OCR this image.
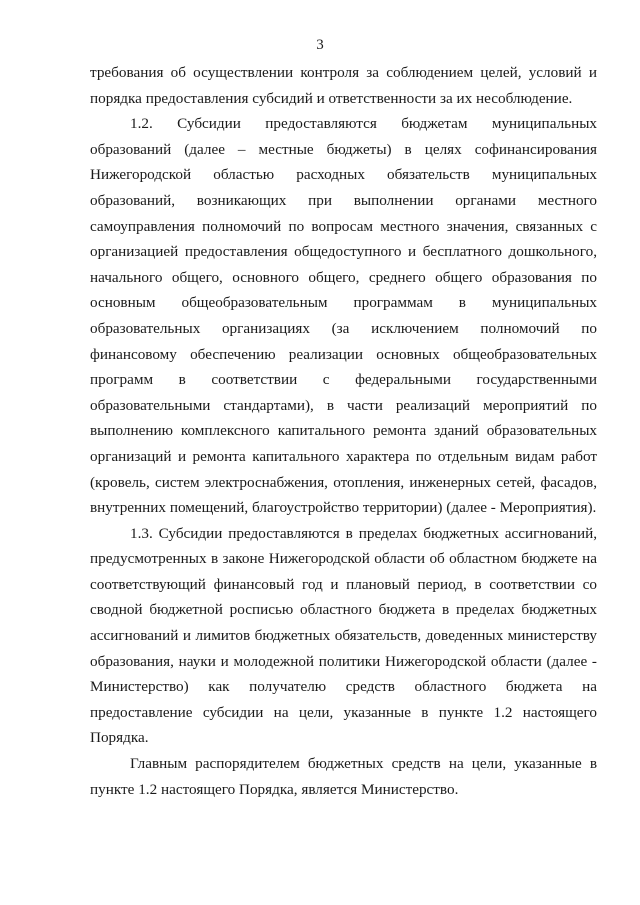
3

требования об осуществлении контроля за соблюдением целей, условий и порядка предоставления субсидий и ответственности за их несоблюдение.

1.2. Субсидии предоставляются бюджетам муниципальных образований (далее – местные бюджеты) в целях софинансирования Нижегородской областью расходных обязательств муниципальных образований, возникающих при выполнении органами местного самоуправления полномочий по вопросам местного значения, связанных с организацией предоставления общедоступного и бесплатного дошкольного, начального общего, основного общего, среднего общего образования по основным общеобразовательным программам в муниципальных образовательных организациях (за исключением полномочий по финансовому обеспечению реализации основных общеобразовательных программ в соответствии с федеральными государственными образовательными стандартами), в части реализаций мероприятий по выполнению комплексного капитального ремонта зданий образовательных организаций и ремонта капитального характера по отдельным видам работ (кровель, систем электроснабжения, отопления, инженерных сетей, фасадов, внутренних помещений, благоустройство территории) (далее - Мероприятия).

1.3. Субсидии предоставляются в пределах бюджетных ассигнований, предусмотренных в законе Нижегородской области об областном бюджете на соответствующий финансовый год и плановый период, в соответствии со сводной бюджетной росписью областного бюджета в пределах бюджетных ассигнований и лимитов бюджетных обязательств, доведенных министерству образования, науки и молодежной политики Нижегородской области (далее - Министерство) как получателю средств областного бюджета на предоставление субсидии на цели, указанные в пункте 1.2 настоящего Порядка.

Главным распорядителем бюджетных средств на цели, указанные в пункте 1.2 настоящего Порядка, является Министерство.
